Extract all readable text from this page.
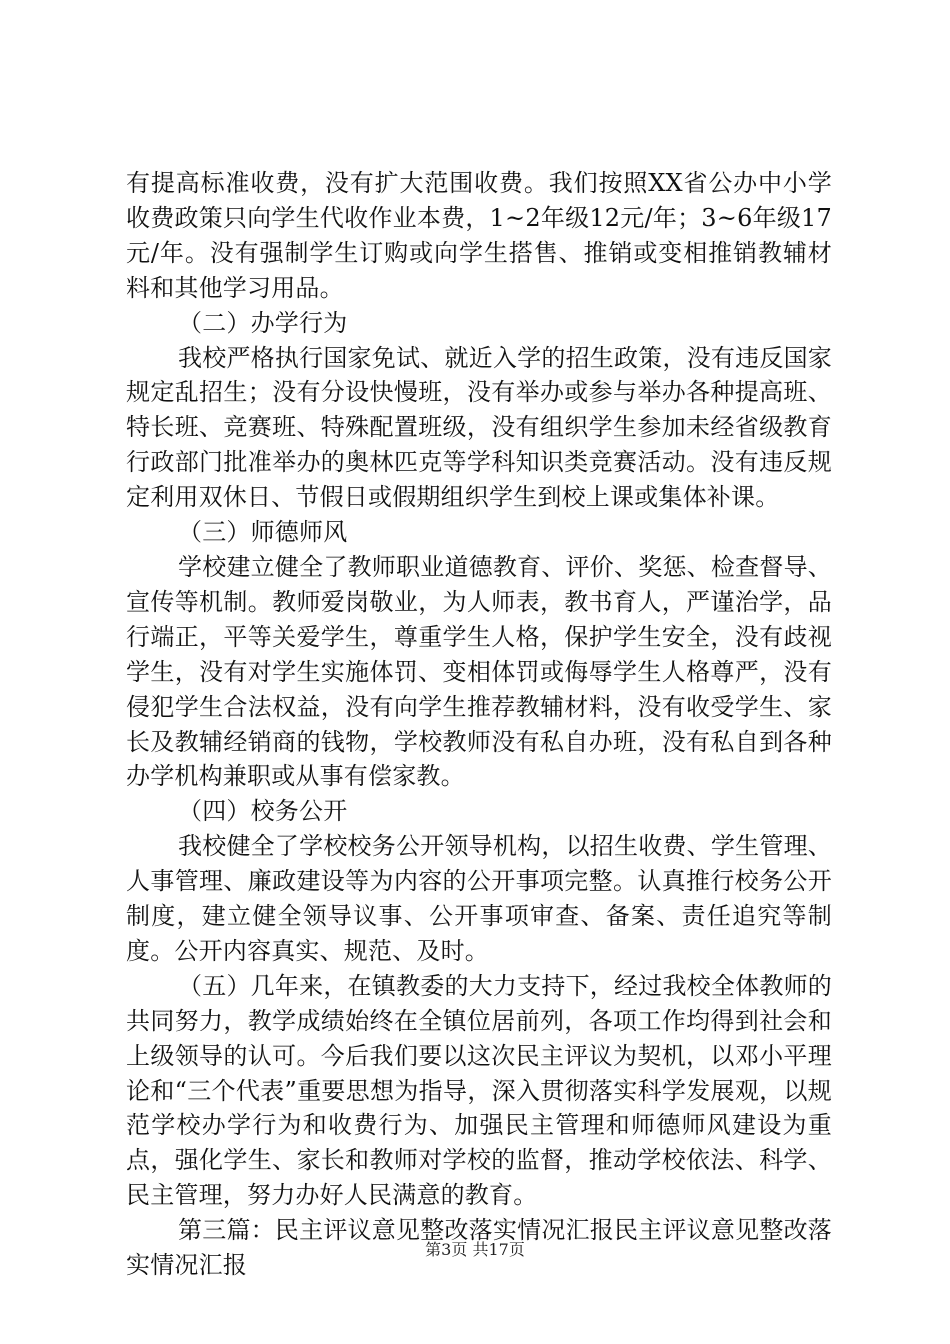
有提高标准收费，没有扩大范围收费。我们按照XX省公办中小学收费政策只向学生代收作业本费，1~2年级12元/年；3~6年级17元/年。没有强制学生订购或向学生搭售、推销或变相推销教辅材料和其他学习用品。

（二）办学行为

我校严格执行国家免试、就近入学的招生政策，没有违反国家规定乱招生；没有分设快慢班，没有举办或参与举办各种提高班、特长班、竞赛班、特殊配置班级，没有组织学生参加未经省级教育行政部门批准举办的奥林匹克等学科知识类竞赛活动。没有违反规定利用双休日、节假日或假期组织学生到校上课或集体补课。

（三）师德师风

学校建立健全了教师职业道德教育、评价、奖惩、检查督导、宣传等机制。教师爱岗敬业，为人师表，教书育人，严谨治学，品行端正，平等关爱学生，尊重学生人格，保护学生安全，没有歧视学生，没有对学生实施体罚、变相体罚或侮辱学生人格尊严，没有侵犯学生合法权益，没有向学生推荐教辅材料，没有收受学生、家长及教辅经销商的钱物，学校教师没有私自办班，没有私自到各种办学机构兼职或从事有偿家教。

（四）校务公开

我校健全了学校校务公开领导机构，以招生收费、学生管理、人事管理、廉政建设等为内容的公开事项完整。认真推行校务公开制度，建立健全领导议事、公开事项审查、备案、责任追究等制度。公开内容真实、规范、及时。

（五）几年来，在镇教委的大力支持下，经过我校全体教师的共同努力，教学成绩始终在全镇位居前列，各项工作均得到社会和上级领导的认可。今后我们要以这次民主评议为契机，以邓小平理论和“三个代表”重要思想为指导，深入贯彻落实科学发展观，以规范学校办学行为和收费行为、加强民主管理和师德师风建设为重点，强化学生、家长和教师对学校的监督，推动学校依法、科学、民主管理，努力办好人民满意的教育。

第三篇：民主评议意见整改落实情况汇报民主评议意见整改落实情况汇报

第3页 共17页
